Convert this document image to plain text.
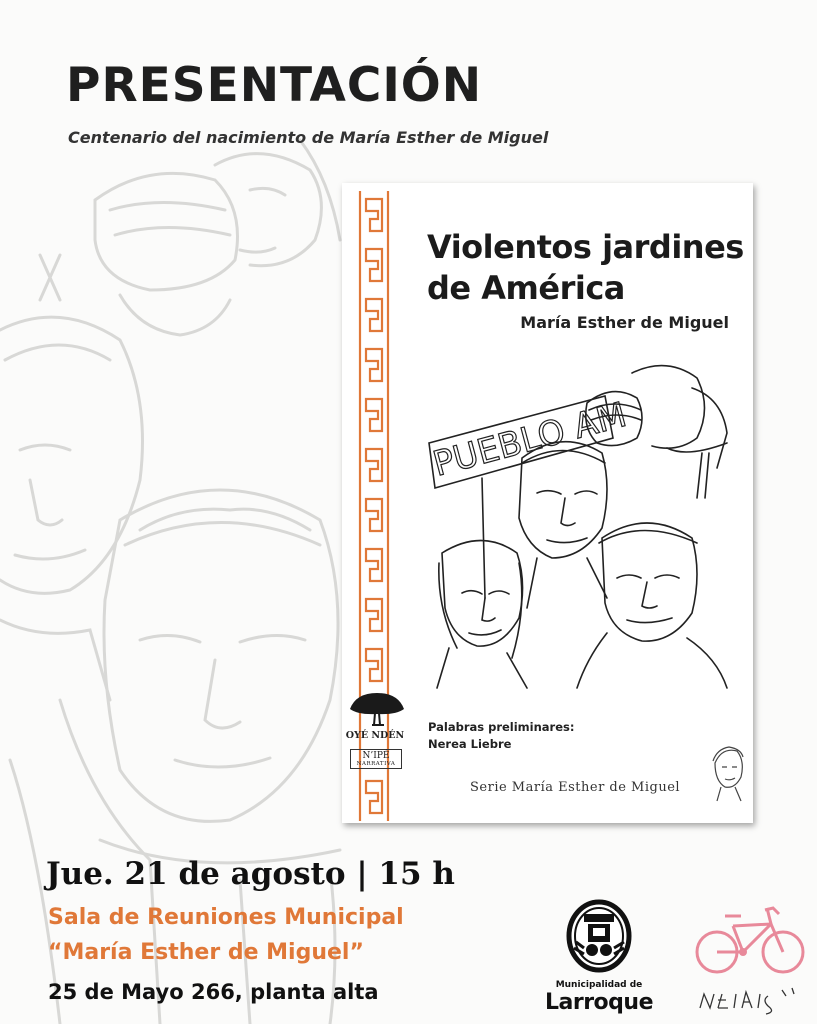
PRESENTACIÓN
Centenario del nacimiento de María Esther de Miguel
Violentos jardines
de América
María Esther de Miguel
PUEBLO AM
OYÉ NDÉN
N’IPÉ
NARRATIVA
Palabras preliminares:
Nerea Liebre
Serie María Esther de Miguel
Jue. 21 de agosto | 15 h
Sala de Reuniones Municipal
“María Esther de Miguel”
25 de Mayo 266, planta alta	Municipalidad de
Larroque
